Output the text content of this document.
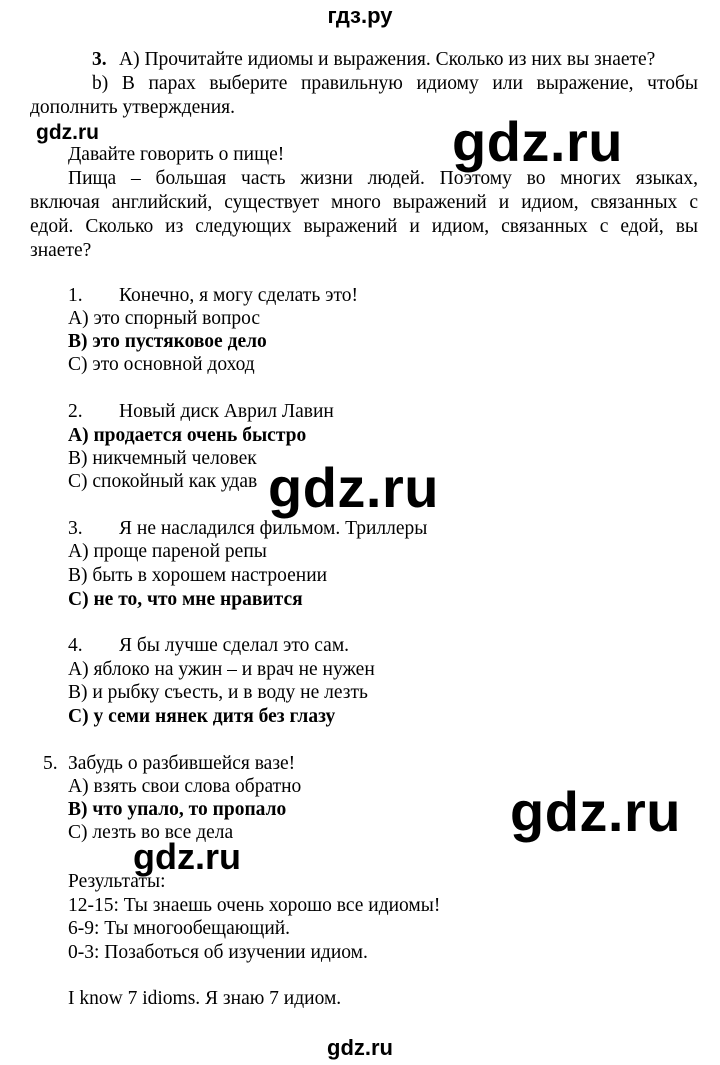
гдз.ру
3. А) Прочитайте идиомы и выражения. Сколько из них вы знаете?
b) В парах выберите правильную идиому или выражение, чтобы
дополнить утверждения.
gdz.ru	gdz.ru
Давайте говорить о пище!
Пища – большая часть жизни людей. Поэтому во многих языках,
включая английский, существует много выражений и идиом, связанных с
едой. Сколько из следующих выражений и идиом, связанных с едой, вы
знаете?
1. Конечно, я могу сделать это!
А) это спорный вопрос
В) это пустяковое дело
С) это основной доход
2. Новый диск Аврил Лавин
А) продается очень быстро
В) никчемный человек
С) спокойный как удав gdz.ru
3. Я не насладился фильмом. Триллеры
А) проще пареной репы
В) быть в хорошем настроении
С) не то, что мне нравится
4. Я бы лучше сделал это сам.
А) яблоко на ужин – и врач не нужен
В) и рыбку съесть, и в воду не лезть
С) у семи нянек дитя без глазу
5. Забудь о разбившейся вазе!
А) взять свои слова обратно
В) что упало, то пропало
С) лезть во все дела	gdz.ru
gdz.ru
Результаты:
12-15: Ты знаешь очень хорошо все идиомы!
6-9: Ты многообещающий.
0-3: Позаботься об изучении идиом.
I know 7 idioms. Я знаю 7 идиом.
gdz.ru
